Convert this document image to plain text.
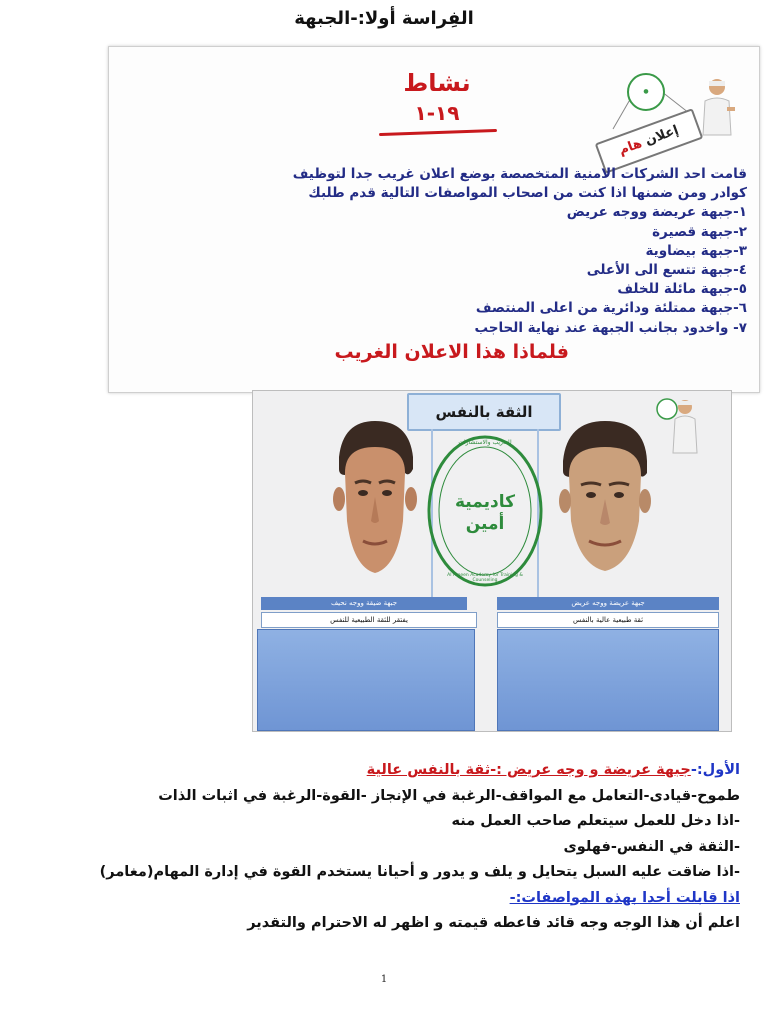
الفِراسة أولا:-الجبهة
نشاط
١٩-١
إعلان هام
●
قامت احد الشركات الامنية المتخصصة بوضع اعلان غريب جدا لتوظيف
كوادر ومن ضمنها اذا كنت من اصحاب المواصفات التالية قدم طلبك
١-جبهة عريضة ووجه عريض
٢-جبهة قصيرة
٣-جبهة بيضاوية
٤-جبهة تتسع الى الأعلى
٥-جبهة مائلة للخلف
٦-جبهة ممتلئة ودائرية من اعلى المنتصف
٧- واخدود بجانب الجبهة عند نهاية الحاجب
فلماذا هذا الاعلان الغريب
الثقة بالنفس
كاديمية أمين
للتدريب والاستشارات
Al Ameen Academy for Training & Counseling
جبهة ضيقة ووجه نحيف	جبهة عريضة ووجه عريض
يفتقر للثقة الطبيعية للنفس	ثقة طبيعية عالية بالنفس

الأول:-جبهة عريضة و وجه عريض :-ثقة بالنفس عالية

طموح-قيادى-التعامل مع المواقف-الرغبة في الإنجاز -القوة-الرغبة في اثبات الذات

-اذا دخل للعمل سيتعلم صاحب العمل منه

-الثقة في النفس-فهلوى

-اذا ضاقت عليه السبل يتحايل و يلف و يدور و أحيانا يستخدم القوة في إدارة المهام(مغامر)

اذا قابلت أحدا بهذه المواصفات:-

اعلم أن هذا الوجه وجه قائد فاعطه قيمته و اظهر له الاحترام والتقدير

1
